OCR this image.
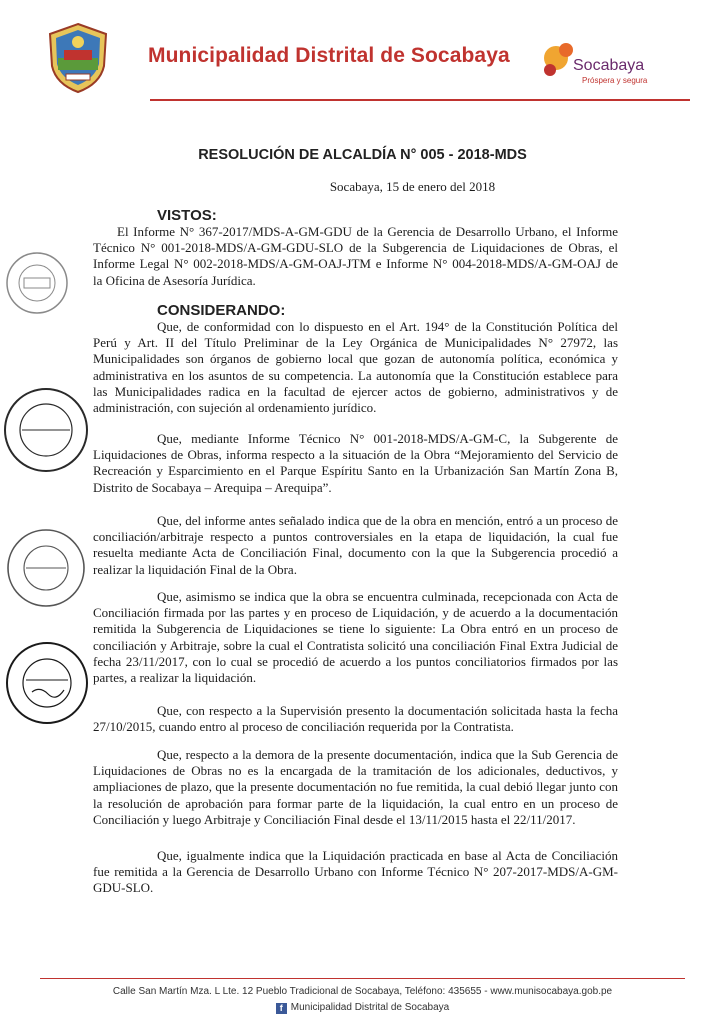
Municipalidad Distrital de Socabaya	Socabaya
Próspera y segura
RESOLUCIÓN DE ALCALDÍA N° 005 - 2018-MDS
Socabaya, 15 de enero del 2018
VISTOS:

El Informe N° 367-2017/MDS-A-GM-GDU de la Gerencia de Desarrollo Urbano, el Informe Técnico N° 001-2018-MDS/A-GM-GDU-SLO de la Subgerencia de Liquidaciones de Obras, el Informe Legal N° 002-2018-MDS/A-GM-OAJ-JTM e Informe N° 004-2018-MDS/A-GM-OAJ de la Oficina de Asesoría Jurídica.

CONSIDERANDO:

Que, de conformidad con lo dispuesto en el Art. 194° de la Constitución Política del Perú y Art. II del Título Preliminar de la Ley Orgánica de Municipalidades N° 27972, las Municipalidades son órganos de gobierno local que gozan de autonomía política, económica y administrativa en los asuntos de su competencia. La autonomía que la Constitución establece para las Municipalidades radica en la facultad de ejercer actos de gobierno, administrativos y de administración, con sujeción al ordenamiento jurídico.

Que, mediante Informe Técnico N° 001-2018-MDS/A-GM-C, la Subgerente de Liquidaciones de Obras, informa respecto a la situación de la Obra “Mejoramiento del Servicio de Recreación y Esparcimiento en el Parque Espíritu Santo en la Urbanización San Martín Zona B, Distrito de Socabaya – Arequipa – Arequipa”.

Que, del informe antes señalado indica que de la obra en mención, entró a un proceso de conciliación/arbitraje respecto a puntos controversiales en la etapa de liquidación, la cual fue resuelta mediante Acta de Conciliación Final, documento con la que la Subgerencia procedió a realizar la liquidación Final de la Obra.

Que, asimismo se indica que la obra se encuentra culminada, recepcionada con Acta de Conciliación firmada por las partes y en proceso de Liquidación, y de acuerdo a la documentación remitida la Subgerencia de Liquidaciones se tiene lo siguiente: La Obra entró en un proceso de conciliación y Arbitraje, sobre la cual el Contratista solicitó una conciliación Final Extra Judicial de fecha 23/11/2017, con lo cual se procedió de acuerdo a los puntos conciliatorios firmados por las partes, a realizar la liquidación.

Que, con respecto a la Supervisión presento la documentación solicitada hasta la fecha 27/10/2015, cuando entro al proceso de conciliación requerida por la Contratista.

Que, respecto a la demora de la presente documentación, indica que la Sub Gerencia de Liquidaciones de Obras no es la encargada de la tramitación de los adicionales, deductivos, y ampliaciones de plazo, que la presente documentación no fue remitida, la cual debió llegar junto con la resolución de aprobación para formar parte de la liquidación, la cual entro en un proceso de Conciliación y luego Arbitraje y Conciliación Final desde el 13/11/2015 hasta el 22/11/2017.

Que, igualmente indica que la Liquidación practicada en base al Acta de Conciliación fue remitida a la Gerencia de Desarrollo Urbano con Informe Técnico N° 207-2017-MDS/A-GM-GDU-SLO.

Calle San Martín Mza. L Lte. 12 Pueblo Tradicional de Socabaya, Teléfono: 435655 - www.munisocabaya.gob.pe
f Municipalidad Distrital de Socabaya
